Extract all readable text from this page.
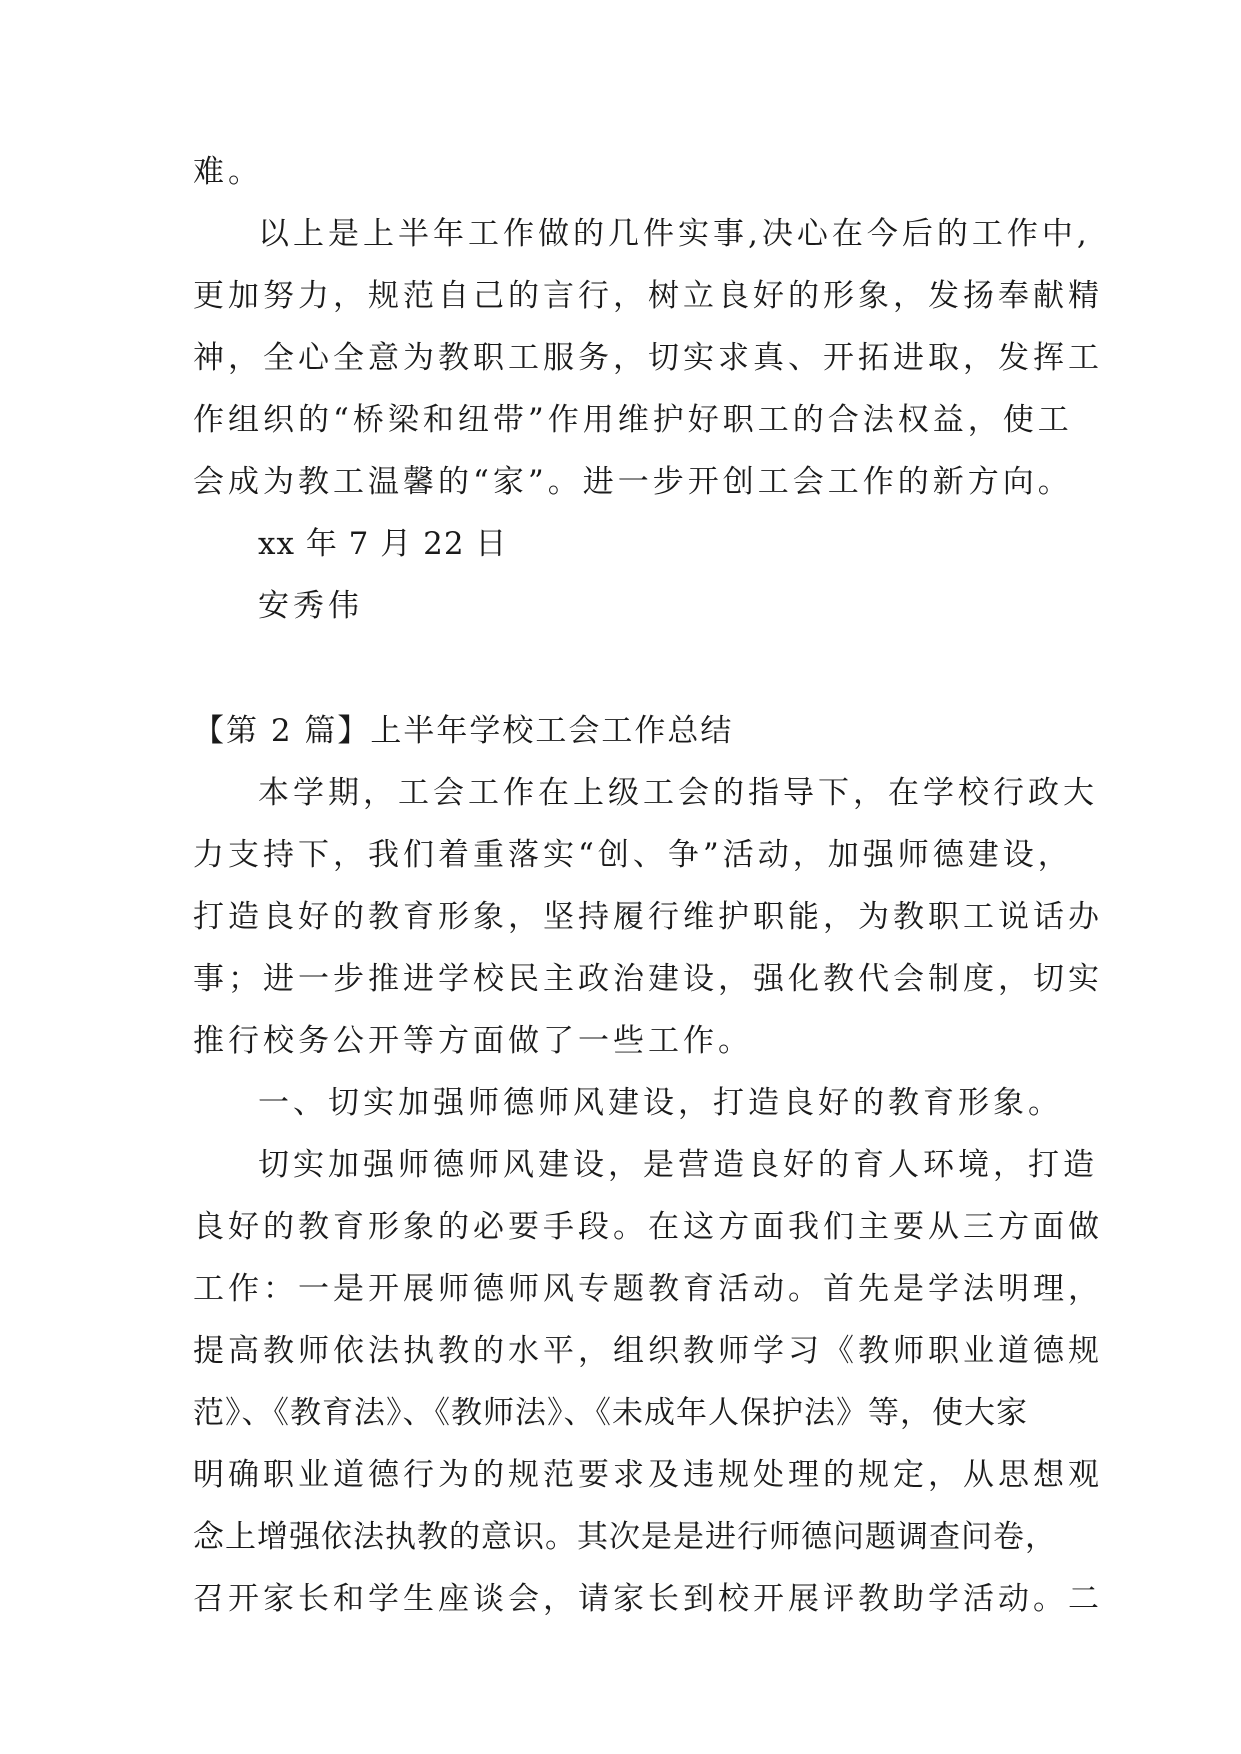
难。
以上是上半年工作做的几件实事,决心在今后的工作中,
更加努力，规范自己的言行，树立良好的形象，发扬奉献精
神，全心全意为教职工服务，切实求真、开拓进取，发挥工
作组织的“桥梁和纽带”作用维护好职工的合法权益，使工
会成为教工温馨的“家”。进一步开创工会工作的新方向。
xx 年 7 月 22 日
安秀伟
【第 2 篇】上半年学校工会工作总结
本学期，工会工作在上级工会的指导下，在学校行政大
力支持下，我们着重落实“创、争”活动，加强师德建设，
打造良好的教育形象，坚持履行维护职能，为教职工说话办
事；进一步推进学校民主政治建设，强化教代会制度，切实
推行校务公开等方面做了一些工作。
一、切实加强师德师风建设，打造良好的教育形象。
切实加强师德师风建设，是营造良好的育人环境，打造
良好的教育形象的必要手段。在这方面我们主要从三方面做
工作：一是开展师德师风专题教育活动。首先是学法明理，
提高教师依法执教的水平，组织教师学习《教师职业道德规
范》、《教育法》、《教师法》、《未成年人保护法》等，使大家
明确职业道德行为的规范要求及违规处理的规定，从思想观
念上增强依法执教的意识。其次是是进行师德问题调查问卷，
召开家长和学生座谈会，请家长到校开展评教助学活动。二
